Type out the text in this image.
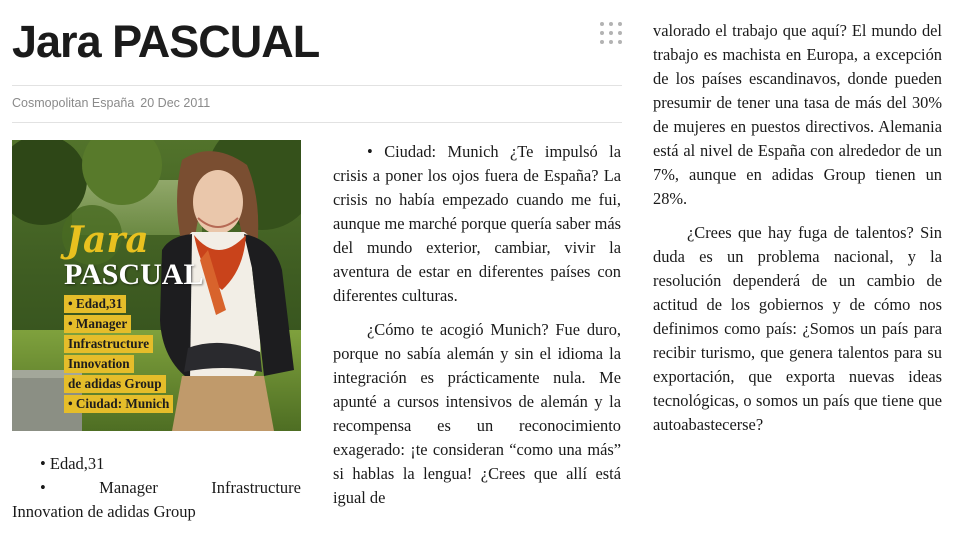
Jara PASCUAL
Cosmopolitan España 20 Dec 2011
Jara
PASCUAL
• Edad,31
• Manager
Infrastructure
Innovation
de adidas Group
• Ciudad: Munich

• Edad,31

• Manager Infrastructure

Innovation de adidas Group

• Ciudad: Munich ¿Te impulsó la crisis a poner los ojos fuera de España? La crisis no había empezado cuando me fui, aunque me marché porque quería saber más del mundo exterior, cambiar, vivir la aventura de estar en diferentes países con diferentes culturas.

¿Cómo te acogió Munich? Fue duro, porque no sabía alemán y sin el idioma la integración es prácticamente nula. Me apunté a cursos intensivos de alemán y la recompensa es un reconocimiento exagerado: ¡te consideran “como una más” si hablas la lengua! ¿Crees que allí está igual de

valorado el trabajo que aquí? El mundo del trabajo es machista en Europa, a excepción de los países escandinavos, donde pueden presumir de tener una tasa de más del 30% de mujeres en puestos directivos. Alemania está al nivel de España con alrededor de un 7%, aunque en adidas Group tienen un 28%.

¿Crees que hay fuga de talentos? Sin duda es un problema nacional, y la resolución dependerá de un cambio de actitud de los gobiernos y de cómo nos definimos como país: ¿Somos un país para recibir turismo, que genera talentos para su exportación, que exporta nuevas ideas tecnológicas, o somos un país que tiene que autoabastecerse?
